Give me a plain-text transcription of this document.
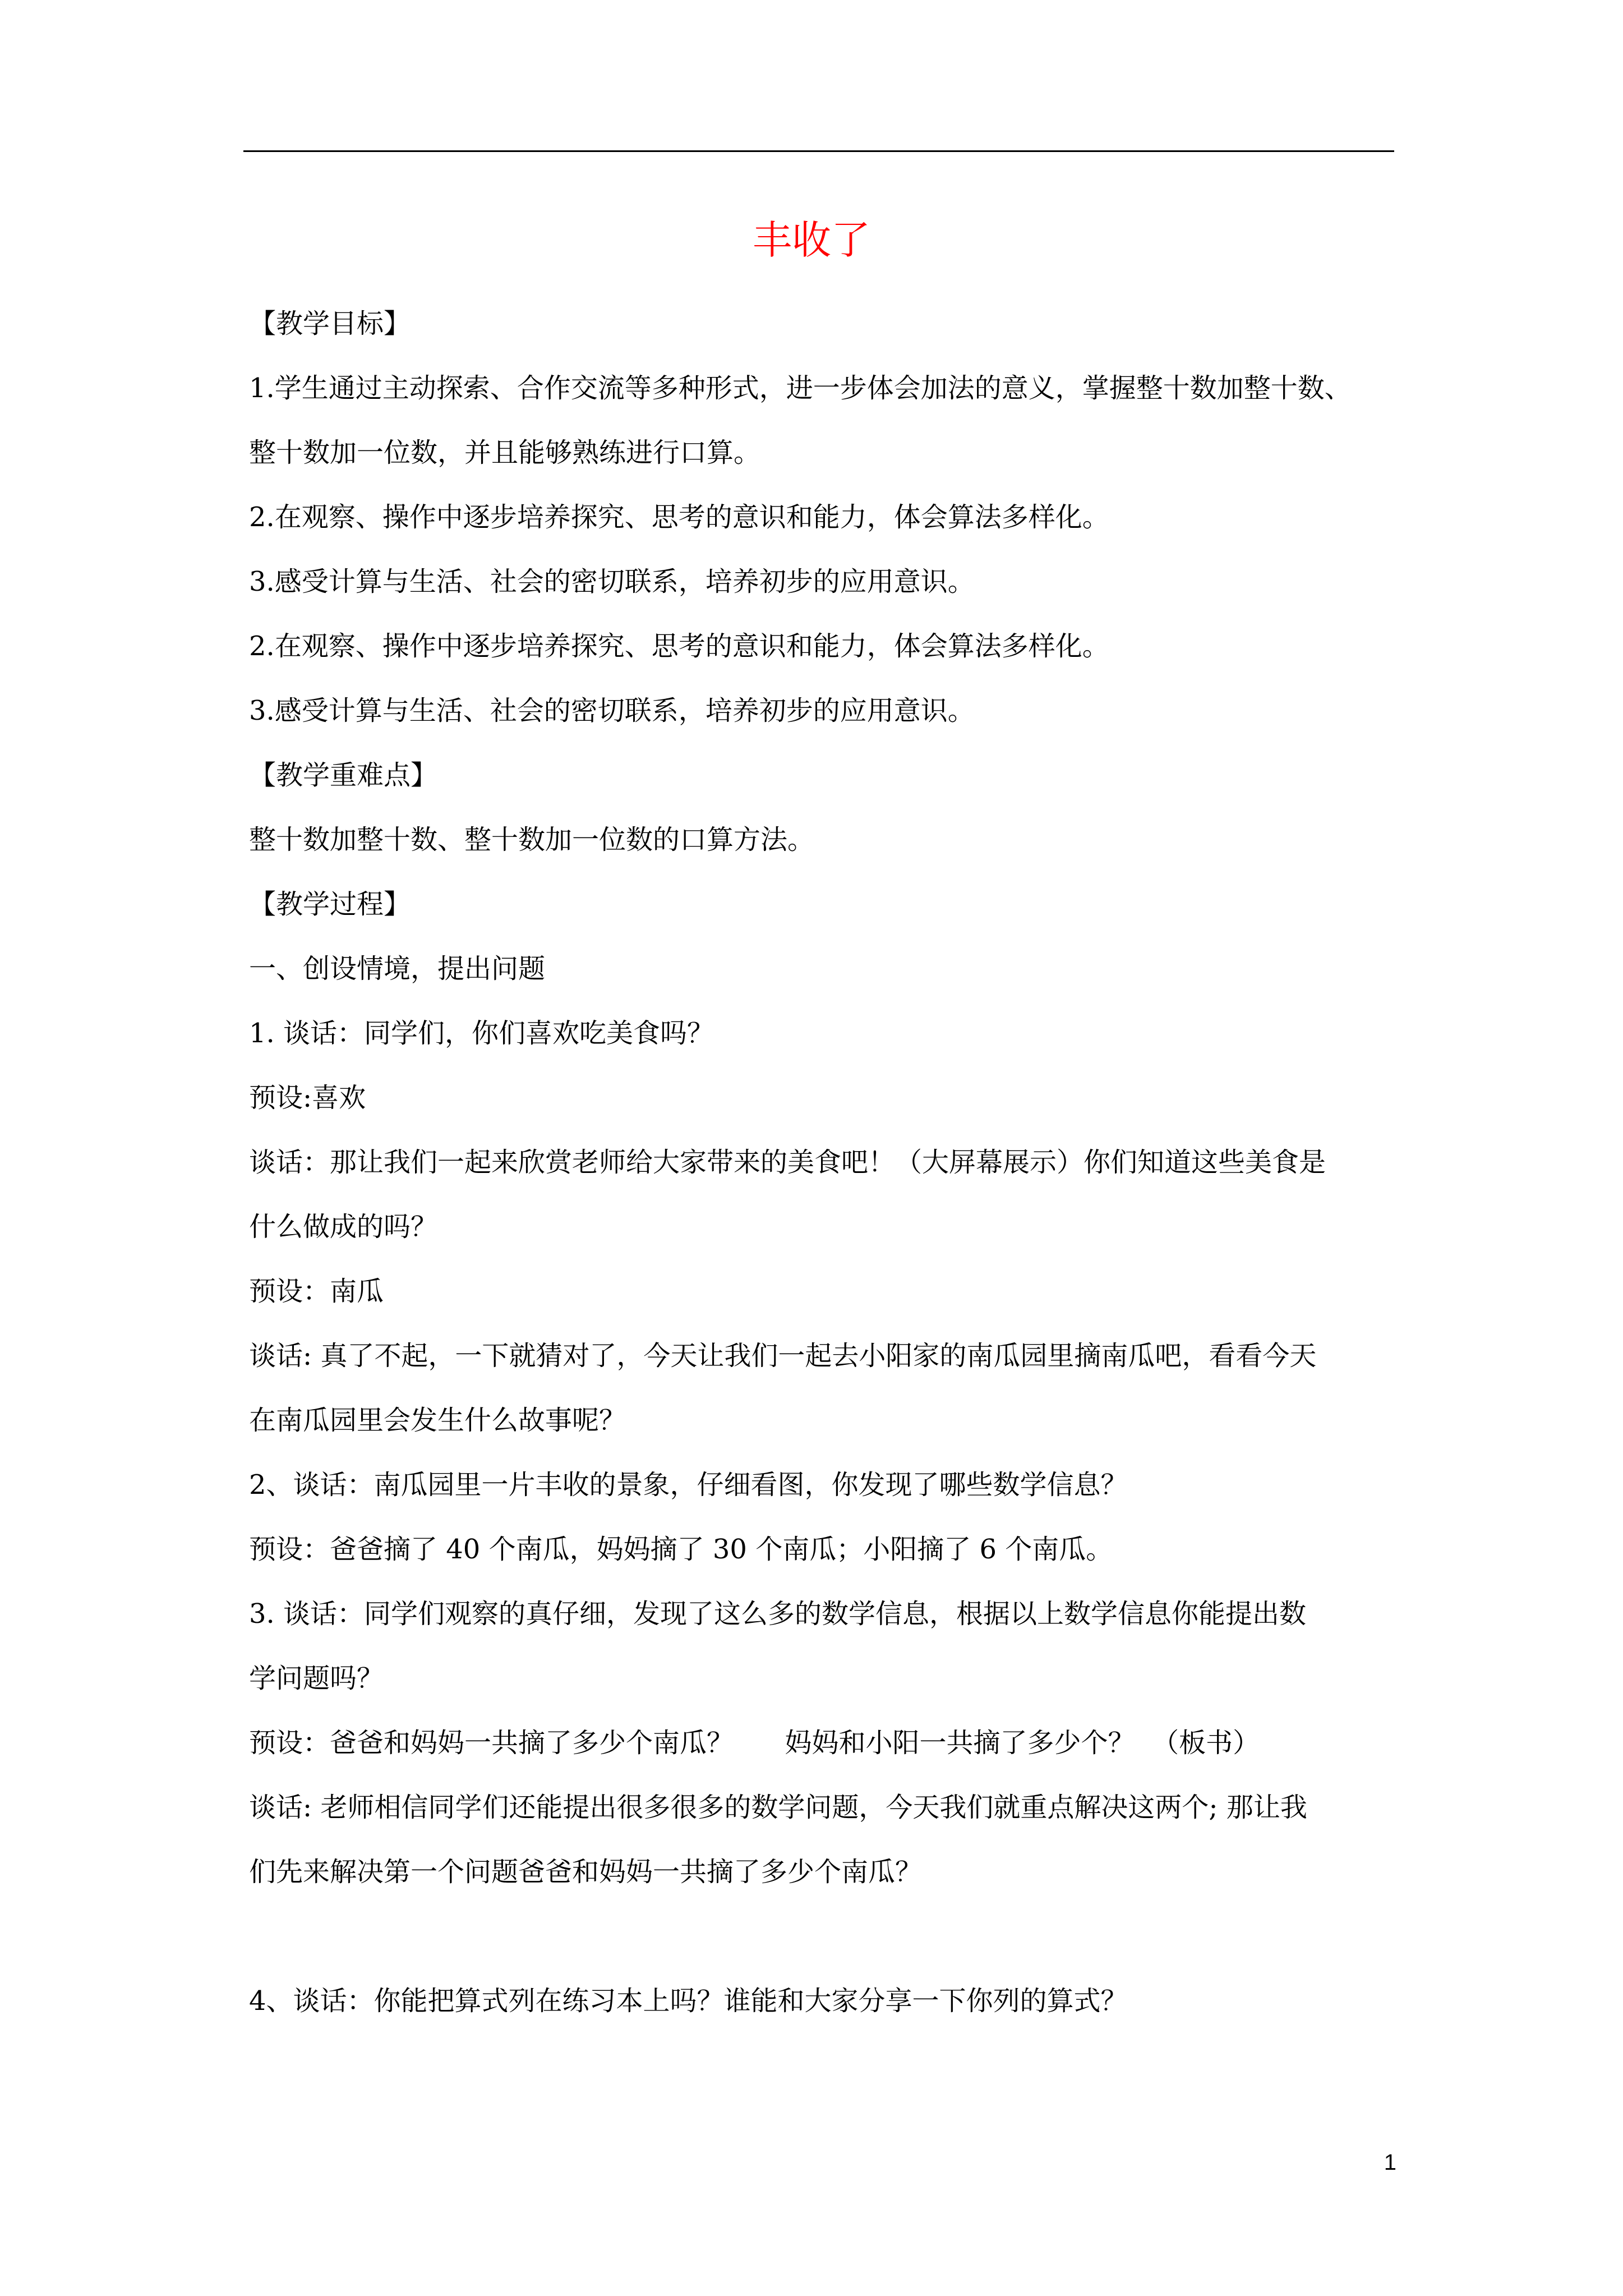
丰收了

【教学目标】

1.学生通过主动探索、合作交流等多种形式，进一步体会加法的意义，掌握整十数加整十数、

整十数加一位数，并且能够熟练进行口算。

2.在观察、操作中逐步培养探究、思考的意识和能力，体会算法多样化。

3.感受计算与生活、社会的密切联系，培养初步的应用意识。

2.在观察、操作中逐步培养探究、思考的意识和能力，体会算法多样化。

3.感受计算与生活、社会的密切联系，培养初步的应用意识。

【教学重难点】

整十数加整十数、整十数加一位数的口算方法。

【教学过程】

一、创设情境，提出问题

1. 谈话：同学们，你们喜欢吃美食吗？

预设:喜欢

谈话：那让我们一起来欣赏老师给大家带来的美食吧！（大屏幕展示）你们知道这些美食是

什么做成的吗？

预设：南瓜

谈话: 真了不起，一下就猜对了，今天让我们一起去小阳家的南瓜园里摘南瓜吧，看看今天

在南瓜园里会发生什么故事呢？

2、谈话：南瓜园里一片丰收的景象，仔细看图，你发现了哪些数学信息？

预设：爸爸摘了 40 个南瓜，妈妈摘了 30 个南瓜；小阳摘了 6 个南瓜。

3. 谈话：同学们观察的真仔细，发现了这么多的数学信息，根据以上数学信息你能提出数

学问题吗？

预设：爸爸和妈妈一共摘了多少个南瓜？      妈妈和小阳一共摘了多少个？  （板书）

谈话: 老师相信同学们还能提出很多很多的数学问题，今天我们就重点解决这两个; 那让我

们先来解决第一个问题爸爸和妈妈一共摘了多少个南瓜？

4、谈话：你能把算式列在练习本上吗？谁能和大家分享一下你列的算式？

1
